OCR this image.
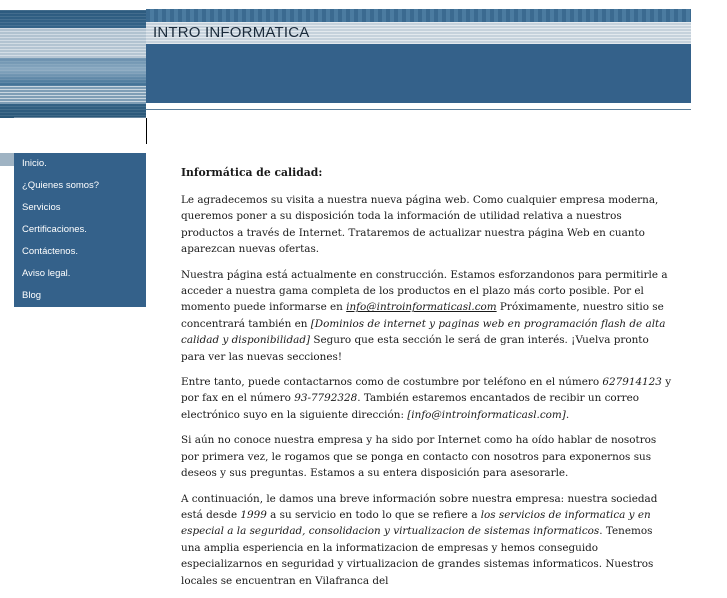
INTRO INFORMATICA
Inicio.
¿Quienes somos?
Servicios
Certificaciones.
Contáctenos.
Aviso legal.
Blog
Informática de calidad:

Le agradecemos su visita a nuestra nueva página web. Como cualquier empresa moderna, queremos poner a su disposición toda la información de utilidad relativa a nuestros productos a través de Internet. Trataremos de actualizar nuestra página Web en cuanto aparezcan nuevas ofertas.

Nuestra página está actualmente en construcción. Estamos esforzandonos para permitirle a acceder a nuestra gama completa de los productos en el plazo más corto posible. Por el momento puede informarse en info@introinformaticasl.com Próximamente, nuestro sitio se concentrará también en [Dominios de internet y paginas web en programación flash de alta calidad y disponibilidad] Seguro que esta sección le será de gran interés. ¡Vuelva pronto para ver las nuevas secciones!

Entre tanto, puede contactarnos como de costumbre por teléfono en el número 627914123 y por fax en el número 93-7792328. También estaremos encantados de recibir un correo electrónico suyo en la siguiente dirección: [info@introinformaticasl.com].

Si aún no conoce nuestra empresa y ha sido por Internet como ha oído hablar de nosotros por primera vez, le rogamos que se ponga en contacto con nosotros para exponernos sus deseos y sus preguntas. Estamos a su entera disposición para asesorarle.

A continuación, le damos una breve información sobre nuestra empresa: nuestra sociedad está desde 1999 a su servicio en todo lo que se refiere a los servicios de informatica y en especial a la seguridad, consolidacion y virtualizacion de sistemas informaticos. Tenemos una amplia esperiencia en la informatizacion de empresas y hemos conseguido especializarnos en seguridad y virtualizacion de grandes sistemas informaticos. Nuestros locales se encuentran en Vilafranca del
